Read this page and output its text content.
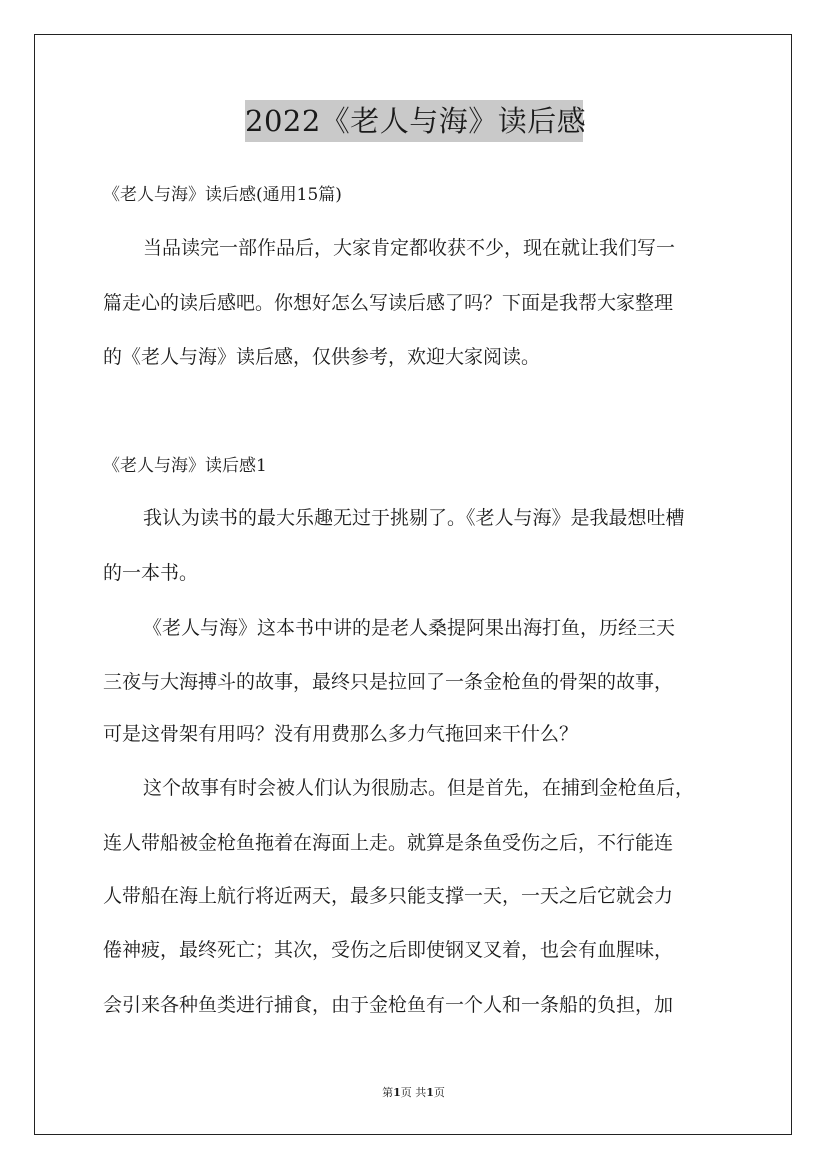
2022《老人与海》读后感
《老人与海》读后感(通用15篇)
当品读完一部作品后，大家肯定都收获不少，现在就让我们写一
篇走心的读后感吧。你想好怎么写读后感了吗？下面是我帮大家整理
的《老人与海》读后感，仅供参考，欢迎大家阅读。
《老人与海》读后感1
我认为读书的最大乐趣无过于挑剔了。《老人与海》是我最想吐槽
的一本书。
《老人与海》这本书中讲的是老人桑提阿果出海打鱼，历经三天
三夜与大海搏斗的故事，最终只是拉回了一条金枪鱼的骨架的故事，
可是这骨架有用吗？没有用费那么多力气拖回来干什么？
这个故事有时会被人们认为很励志。但是首先，在捕到金枪鱼后，
连人带船被金枪鱼拖着在海面上走。就算是条鱼受伤之后，不行能连
人带船在海上航行将近两天，最多只能支撑一天，一天之后它就会力
倦神疲，最终死亡；其次，受伤之后即使钢叉叉着，也会有血腥味，
会引来各种鱼类进行捕食，由于金枪鱼有一个人和一条船的负担，加
第1页 共1页
